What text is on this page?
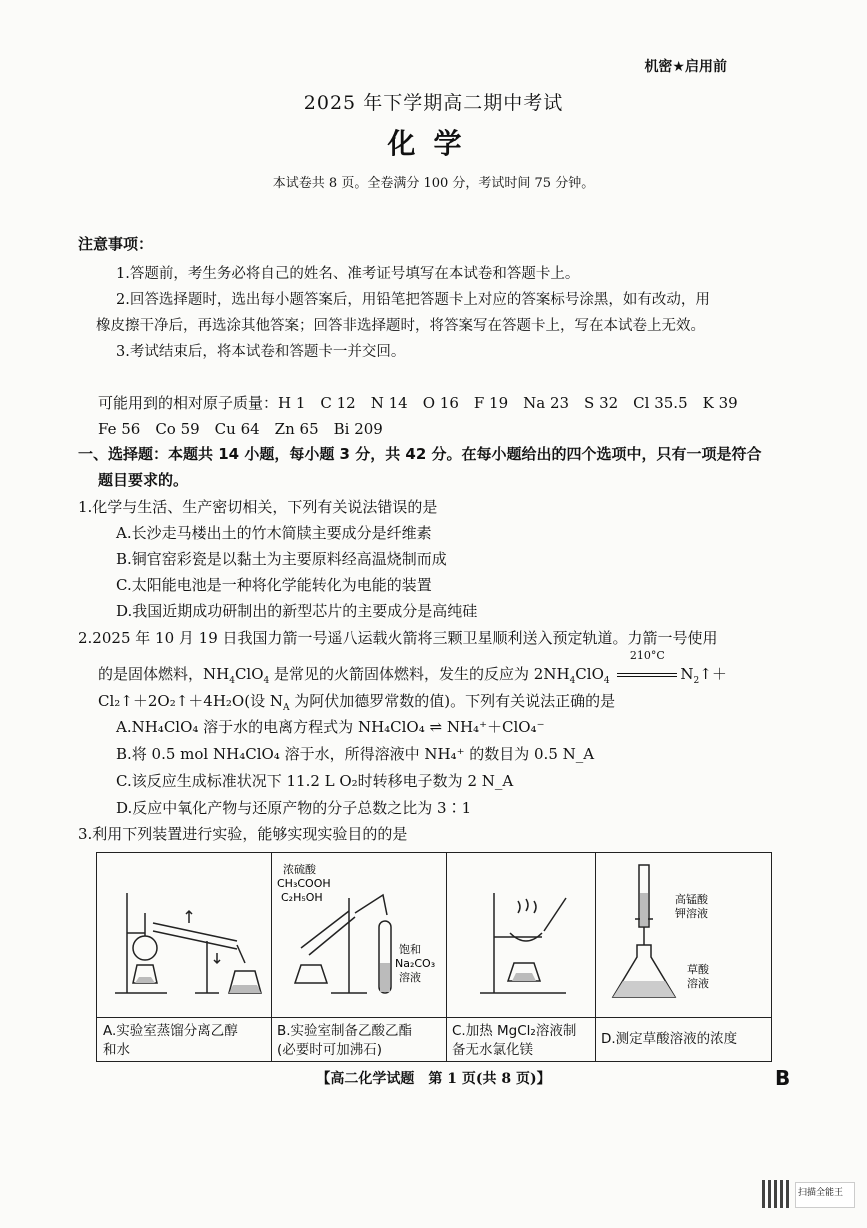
机密★启用前
2025 年下学期高二期中考试
化学
本试卷共 8 页。全卷满分 100 分，考试时间 75 分钟。
注意事项：
1.答题前，考生务必将自己的姓名、准考证号填写在本试卷和答题卡上。
2.回答选择题时，选出每小题答案后，用铅笔把答题卡上对应的答案标号涂黑，如有改动，用
橡皮擦干净后，再选涂其他答案；回答非选择题时，将答案写在答题卡上，写在本试卷上无效。
3.考试结束后，将本试卷和答题卡一并交回。
可能用到的相对原子质量：H 1　C 12　N 14　O 16　F 19　Na 23　S 32　Cl 35.5　K 39
Fe 56　Co 59　Cu 64　Zn 65　Bi 209
一、选择题：本题共 14 小题，每小题 3 分，共 42 分。在每小题给出的四个选项中，只有一项是符合
题目要求的。
1.化学与生活、生产密切相关，下列有关说法错误的是
A.长沙走马楼出土的竹木简牍主要成分是纤维素
B.铜官窑彩瓷是以黏土为主要原料经高温烧制而成
C.太阳能电池是一种将化学能转化为电能的装置
D.我国近期成功研制出的新型芯片的主要成分是高纯硅
2.2025 年 10 月 19 日我国力箭一号遥八运载火箭将三颗卫星顺利送入预定轨道。力箭一号使用
的是固体燃料，$NH_4ClO_4$ 是常见的火箭固体燃料，发生的反应为 $2NH_4ClO_4$
210°C
$N_2↑+$
Cl₂↑＋2O₂↑＋4H₂O(设 $N_A$ 为阿伏加德罗常数的值)。下列有关说法正确的是
A.NH₄ClO₄ 溶于水的电离方程式为 NH₄ClO₄ ⇌ NH₄⁺＋ClO₄⁻
B.将 0.5 mol NH₄ClO₄ 溶于水，所得溶液中 NH₄⁺ 的数目为 0.5 N_A
C.该反应生成标准状况下 11.2 L O₂时转移电子数为 2 N_A
D.反应中氧化产物与还原产物的分子总数之比为 3∶1
3.利用下列装置进行实验，能够实现实验目的的是
A.实验室蒸馏分离乙醇
和水
浓硫酸
CH₃COOH
C₂H₅OH
饱和
Na₂CO₃
溶液
B.实验室制备乙酸乙酯
(必要时可加沸石)
C.加热 MgCl₂溶液制
备无水氯化镁
高锰酸
钾溶液
草酸
溶液
D.测定草酸溶液的浓度
【高二化学试题　第 1 页(共 8 页)】	B
扫描全能王
